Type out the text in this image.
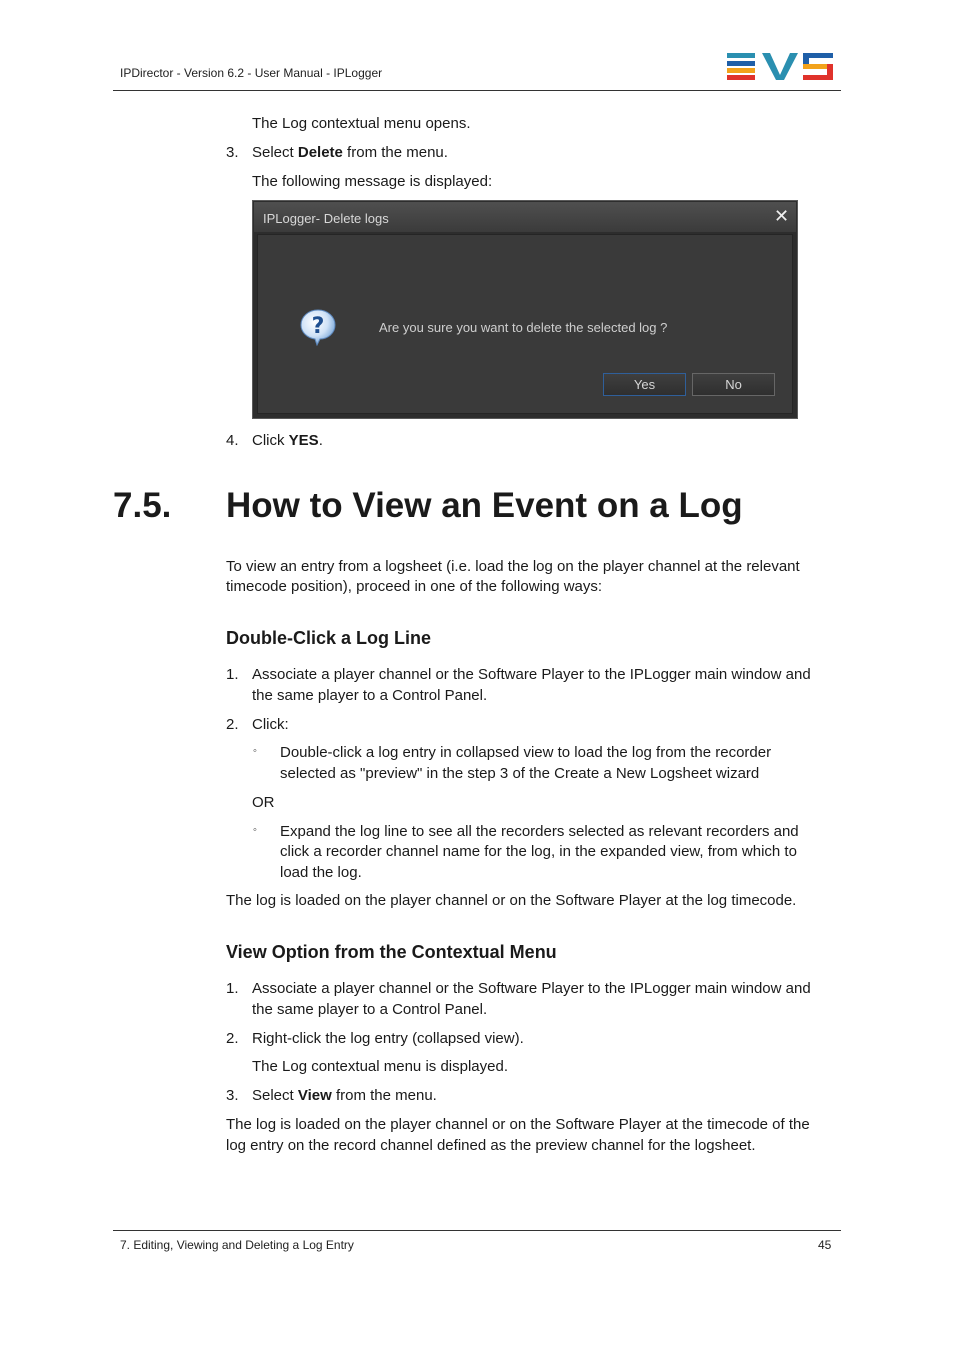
IPDirector - Version 6.2 - User Manual - IPLogger
The Log contextual menu opens.
3. Select Delete from the menu.
The following message is displayed:
IPLogger- Delete logs	✕
?	Are you sure you want to delete the selected log ?
Yes	No
4. Click YES.
7.5. How to View an Event on a Log
To view an entry from a logsheet (i.e. load the log on the player channel at the relevant
timecode position), proceed in one of the following ways:
Double-Click a Log Line
1. Associate a player channel or the Software Player to the IPLogger main window and
the same player to a Control Panel.
2. Click:
◦ Double-click a log entry in collapsed view to load the log from the recorder
selected as "preview" in the step 3 of the Create a New Logsheet wizard
OR
◦ Expand the log line to see all the recorders selected as relevant recorders and
click a recorder channel name for the log, in the expanded view, from which to
load the log.
The log is loaded on the player channel or on the Software Player at the log timecode.
View Option from the Contextual Menu
1. Associate a player channel or the Software Player to the IPLogger main window and
the same player to a Control Panel.
2. Right-click the log entry (collapsed view).
The Log contextual menu is displayed.
3. Select View from the menu.
The log is loaded on the player channel or on the Software Player at the timecode of the
log entry on the record channel defined as the preview channel for the logsheet.
7. Editing, Viewing and Deleting a Log Entry	45
